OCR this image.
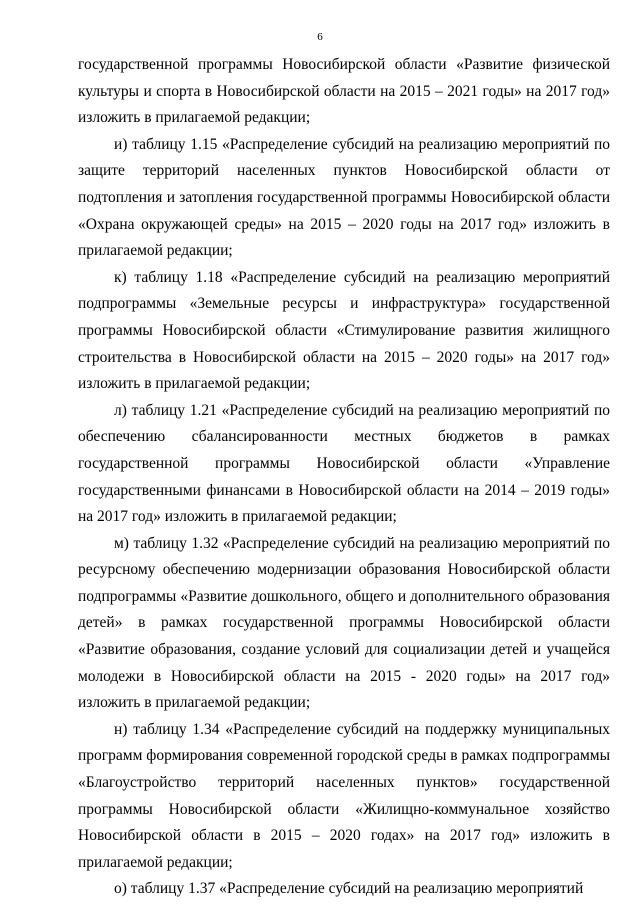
6

государственной программы Новосибирской области «Развитие физической культуры и спорта в Новосибирской области на 2015 – 2021 годы» на 2017 год» изложить в прилагаемой редакции;

и) таблицу 1.15 «Распределение субсидий на реализацию мероприятий по защите территорий населенных пунктов Новосибирской области от подтопления и затопления государственной программы Новосибирской области «Охрана окружающей среды» на 2015 – 2020 годы на 2017 год» изложить в прилагаемой редакции;

к) таблицу 1.18 «Распределение субсидий на реализацию мероприятий подпрограммы «Земельные ресурсы и инфраструктура» государственной программы Новосибирской области «Стимулирование развития жилищного строительства в Новосибирской области на 2015 – 2020 годы» на 2017 год» изложить в прилагаемой редакции;

л) таблицу 1.21 «Распределение субсидий на реализацию мероприятий по обеспечению сбалансированности местных бюджетов в рамках государственной программы Новосибирской области «Управление государственными финансами в Новосибирской области на 2014 – 2019 годы» на 2017 год» изложить в прилагаемой редакции;

м) таблицу 1.32 «Распределение субсидий на реализацию мероприятий по ресурсному обеспечению модернизации образования Новосибирской области подпрограммы «Развитие дошкольного, общего и дополнительного образования детей» в рамках государственной программы Новосибирской области «Развитие образования, создание условий для социализации детей и учащейся молодежи в Новосибирской области на 2015 - 2020 годы» на 2017 год» изложить в прилагаемой редакции;

н) таблицу 1.34 «Распределение субсидий на поддержку муниципальных программ формирования современной городской среды в рамках подпрограммы «Благоустройство территорий населенных пунктов» государственной программы Новосибирской области «Жилищно-коммунальное хозяйство Новосибирской области в 2015 – 2020 годах» на 2017 год» изложить в прилагаемой редакции;

о) таблицу 1.37 «Распределение субсидий на реализацию мероприятий
